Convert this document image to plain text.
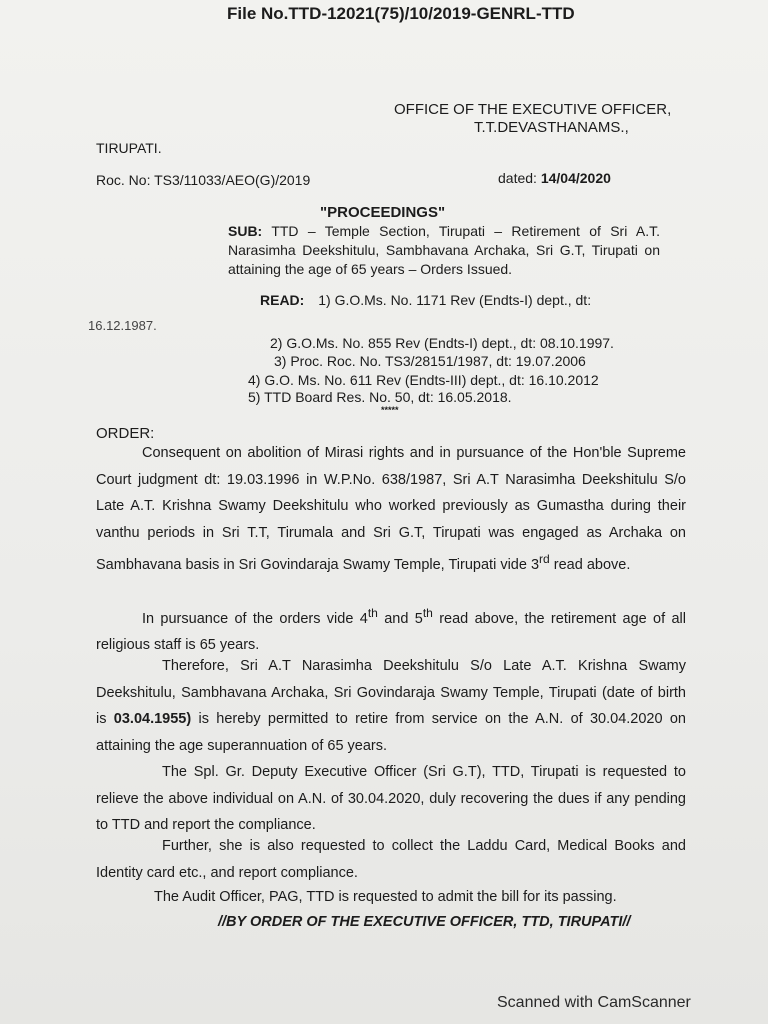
File No.TTD-12021(75)/10/2019-GENRL-TTD
OFFICE OF THE EXECUTIVE OFFICER,
T.T.DEVASTHANAMS.,
TIRUPATI.
Roc. No: TS3/11033/AEO(G)/2019	dated: 14/04/2020
"PROCEEDINGS"
SUB: TTD – Temple Section, Tirupati – Retirement of Sri A.T. Narasimha Deekshitulu, Sambhavana Archaka, Sri G.T, Tirupati on attaining the age of 65 years – Orders Issued.
READ: 1) G.O.Ms. No. 1171 Rev (Endts-I) dept., dt:
16.12.1987.
2) G.O.Ms. No. 855 Rev (Endts-I) dept., dt: 08.10.1997.
3) Proc. Roc. No. TS3/28151/1987, dt: 19.07.2006
4) G.O. Ms. No. 611 Rev (Endts-III) dept., dt: 16.10.2012
5) TTD Board Res. No. 50, dt: 16.05.2018.
*****
ORDER:
Consequent on abolition of Mirasi rights and in pursuance of the Hon'ble Supreme Court judgment dt: 19.03.1996 in W.P.No. 638/1987, Sri A.T Narasimha Deekshitulu S/o Late A.T. Krishna Swamy Deekshitulu who worked previously as Gumastha during their vanthu periods in Sri T.T, Tirumala and Sri G.T, Tirupati was engaged as Archaka on Sambhavana basis in Sri Govindaraja Swamy Temple, Tirupati vide 3rd read above.
In pursuance of the orders vide 4th and 5th read above, the retirement age of all religious staff is 65 years.
Therefore, Sri A.T Narasimha Deekshitulu S/o Late A.T. Krishna Swamy Deekshitulu, Sambhavana Archaka, Sri Govindaraja Swamy Temple, Tirupati (date of birth is 03.04.1955) is hereby permitted to retire from service on the A.N. of 30.04.2020 on attaining the age superannuation of 65 years.
The Spl. Gr. Deputy Executive Officer (Sri G.T), TTD, Tirupati is requested to relieve the above individual on A.N. of 30.04.2020, duly recovering the dues if any pending to TTD and report the compliance.
Further, she is also requested to collect the Laddu Card, Medical Books and Identity card etc., and report compliance.
The Audit Officer, PAG, TTD is requested to admit the bill for its passing.
//BY ORDER OF THE EXECUTIVE OFFICER, TTD, TIRUPATI//
Scanned with CamScanner
